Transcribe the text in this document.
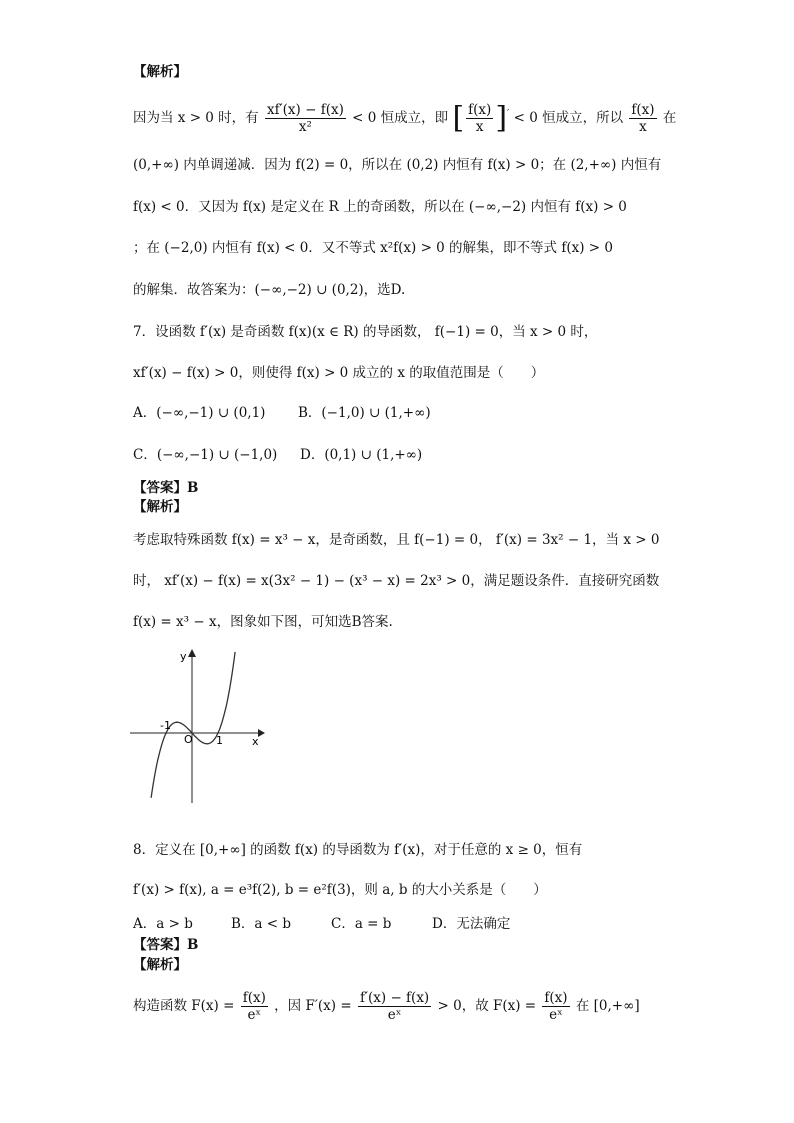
【解析】
因为当 x > 0 时，有 $\frac{xf'(x) - f(x)}{\text{x²}} < 0$ 恒成立，即 [ $\frac{f(x)}{x} ]' < 0$ 恒成立，所以 $\frac{f(x)}{x}$ 在
(0,+∞) 内单调递减．因为 f(2) = 0，所以在 (0,2) 内恒有 f(x) > 0；在 (2,+∞) 内恒有
f(x) < 0．又因为 f(x) 是定义在 R 上的奇函数，所以在 (−∞,−2) 内恒有 f(x) > 0
；在 (−2,0) 内恒有 f(x) < 0．又不等式 x²f(x) > 0 的解集，即不等式 f(x) > 0
的解集．故答案为：(−∞,−2) ∪ (0,2)，选D.
7．设函数 f′(x) 是奇函数 f(x)(x ∈ R) 的导函数， f(−1) = 0，当 x > 0 时，
xf′(x) − f(x) > 0，则使得 f(x) > 0 成立的 x 的取值范围是（　　）
A．(−∞,−1) ∪ (0,1) B．(−1,0) ∪ (1,+∞)
C．(−∞,−1) ∪ (−1,0) D．(0,1) ∪ (1,+∞)
【答案】B
【解析】
考虑取特殊函数 f(x) = x³ − x，是奇函数，且 f(−1) = 0， f′(x) = 3x² − 1，当 x > 0
时， xf′(x) − f(x) = x(3x² − 1) − (x³ − x) = 2x³ > 0，满足题设条件．直接研究函数
f(x) = x³ − x，图象如下图，可知选B答案.
y
x
O
-1
1
8．定义在 [0,+∞] 的函数 f(x) 的导函数为 f′(x)，对于任意的 x ≥ 0，恒有
f′(x) > f(x), a = e³f(2), b = e²f(3)，则 a, b 的大小关系是（　　）
A．a > b	B．a < b	C．a = b	D．无法确定
【答案】B
【解析】
构造函数 $F(x) = \frac{f(x)}{\text{eˣ}}$ ，因 $F'(x) = \frac{f'(x) - f(x)}{\text{eˣ}} > 0$，故 $F(x) = \frac{f(x)}{\text{eˣ}}$ 在 [0,+∞]
